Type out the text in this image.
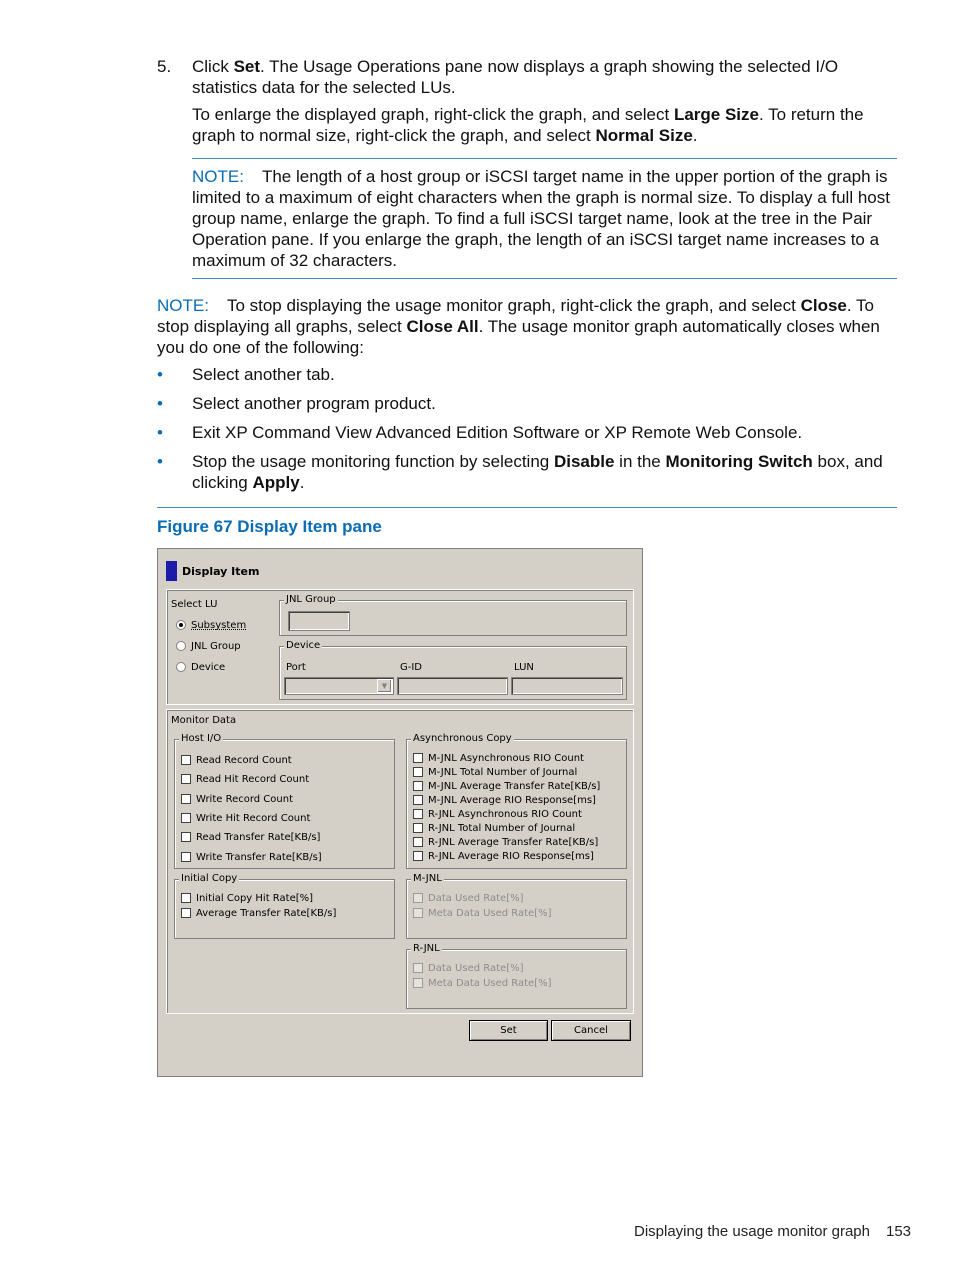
5. Click Set. The Usage Operations pane now displays a graph showing the selected I/O statistics data for the selected LUs.

To enlarge the displayed graph, right-click the graph, and select Large Size. To return the graph to normal size, right-click the graph, and select Normal Size.

NOTE: The length of a host group or iSCSI target name in the upper portion of the graph is limited to a maximum of eight characters when the graph is normal size. To display a full host group name, enlarge the graph. To find a full iSCSI target name, look at the tree in the Pair Operation pane. If you enlarge the graph, the length of an iSCSI target name increases to a maximum of 32 characters.

NOTE: To stop displaying the usage monitor graph, right-click the graph, and select Close. To stop displaying all graphs, select Close All. The usage monitor graph automatically closes when you do one of the following:

• Select another tab.
• Select another program product.
• Exit XP Command View Advanced Edition Software or XP Remote Web Console.
• Stop the usage monitoring function by selecting Disable in the Monitoring Switch box, and clicking Apply.
Figure 67 Display Item pane
Display Item
Select LU
Subsystem
JNL Group
Device
JNL Group
Device
Port	G-ID	LUN
▼
Monitor Data
Host I/O
Read Record Count
Read Hit Record Count
Write Record Count
Write Hit Record Count
Read Transfer Rate[KB/s]
Write Transfer Rate[KB/s]
Asynchronous Copy
M-JNL Asynchronous RIO Count
M-JNL Total Number of Journal
M-JNL Average Transfer Rate[KB/s]
M-JNL Average RIO Response[ms]
R-JNL Asynchronous RIO Count
R-JNL Total Number of Journal
R-JNL Average Transfer Rate[KB/s]
R-JNL Average RIO Response[ms]
Initial Copy
Initial Copy Hit Rate[%]
Average Transfer Rate[KB/s]
M-JNL
Data Used Rate[%]
Meta Data Used Rate[%]
R-JNL
Data Used Rate[%]
Meta Data Used Rate[%]
Set	Cancel
Displaying the usage monitor graph 153
